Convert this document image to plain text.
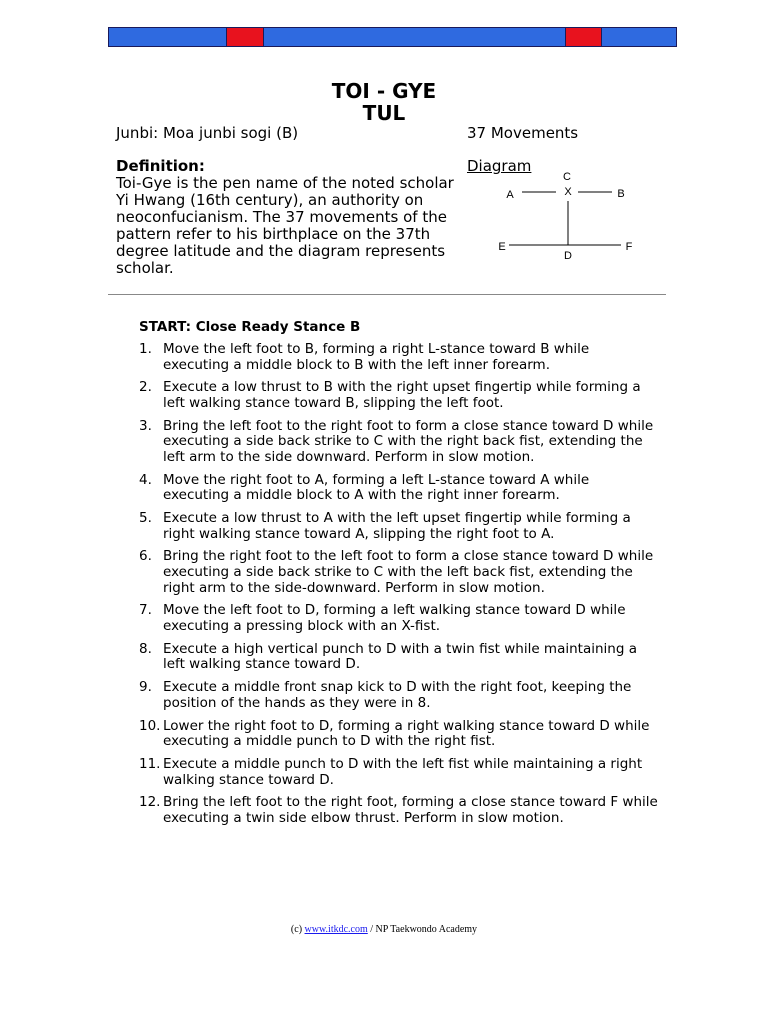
TOI - GYE
TUL
Junbi: Moa junbi sogi (B)	37 Movements
Definition:
Toi-Gye is the pen name of the noted scholar Yi Hwang (16th century), an authority on neoconfucianism. The 37 movements of the pattern refer to his birthplace on the 37th degree latitude and the diagram represents scholar.
Diagram
C
X
A	B
E	F
D
START: Close Ready Stance B
1. Move the left foot to B, forming a right L-stance toward B while executing a middle block to B with the left inner forearm.
2. Execute a low thrust to B with the right upset fingertip while forming a left walking stance toward B, slipping the left foot.
3. Bring the left foot to the right foot to form a close stance toward D while executing a side back strike to C with the right back fist, extending the left arm to the side downward. Perform in slow motion.
4. Move the right foot to A, forming a left L-stance toward A while executing a middle block to A with the right inner forearm.
5. Execute a low thrust to A with the left upset fingertip while forming a right walking stance toward A, slipping the right foot to A.
6. Bring the right foot to the left foot to form a close stance toward D while executing a side back strike to C with the left back fist, extending the right arm to the side-downward. Perform in slow motion.
7. Move the left foot to D, forming a left walking stance toward D while executing a pressing block with an X-fist.
8. Execute a high vertical punch to D with a twin fist while maintaining a left walking stance toward D.
9. Execute a middle front snap kick to D with the right foot, keeping the position of the hands as they were in 8.
10. Lower the right foot to D, forming a right walking stance toward D while executing a middle punch to D with the right fist.
11. Execute a middle punch to D with the left fist while maintaining a right walking stance toward D.
12. Bring the left foot to the right foot, forming a close stance toward F while executing a twin side elbow thrust. Perform in slow motion.
(c) www.itkdc.com / NP Taekwondo Academy
